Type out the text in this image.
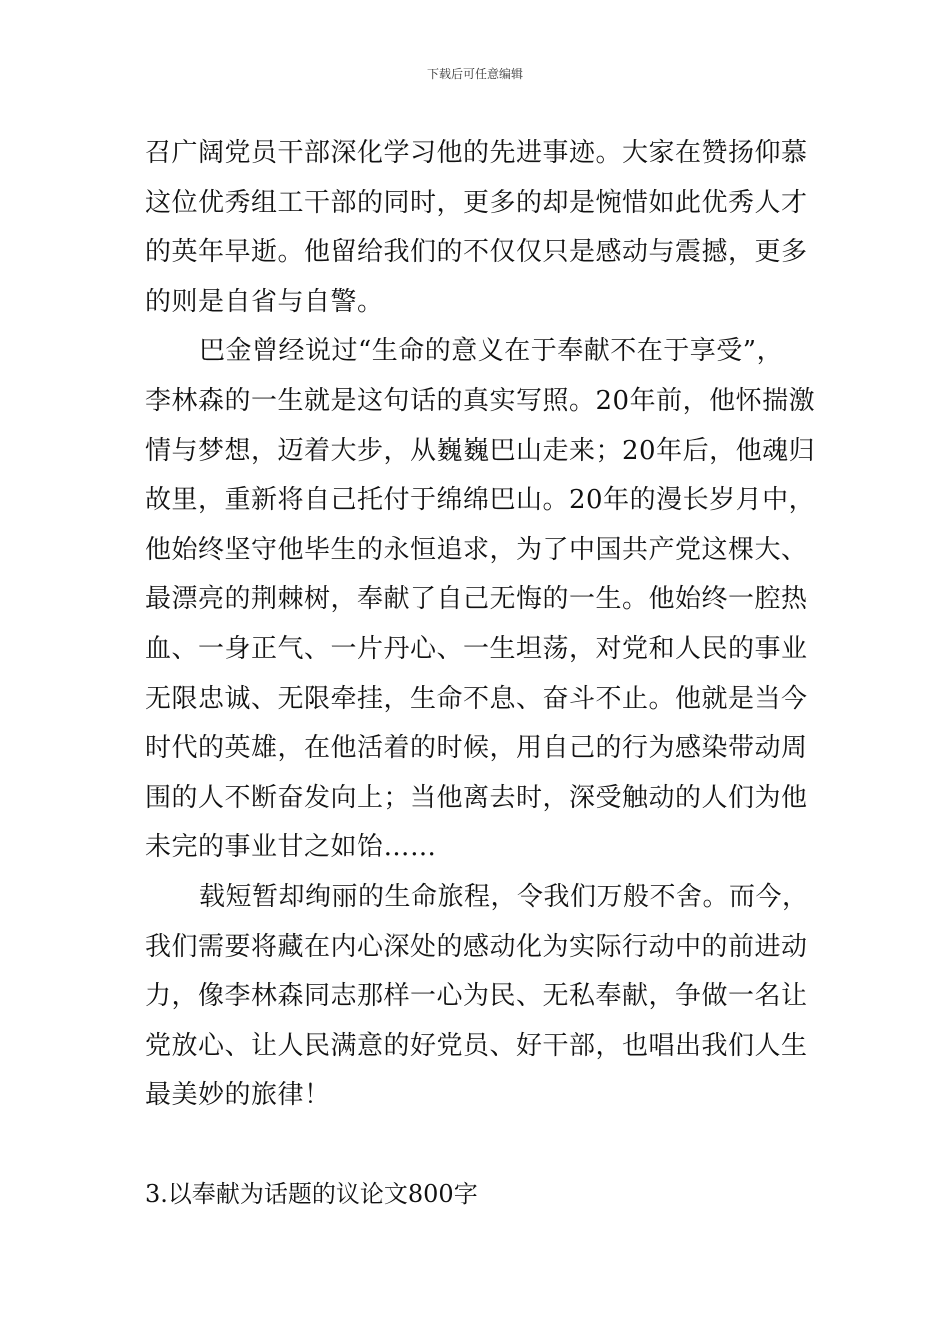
下载后可任意编辑
召广阔党员干部深化学习他的先进事迹。大家在赞扬仰慕
这位优秀组工干部的同时，更多的却是惋惜如此优秀人才
的英年早逝。他留给我们的不仅仅只是感动与震撼，更多
的则是自省与自警。
巴金曾经说过“生命的意义在于奉献不在于享受”，
李林森的一生就是这句话的真实写照。20年前，他怀揣激
情与梦想，迈着大步，从巍巍巴山走来；20年后，他魂归
故里，重新将自己托付于绵绵巴山。20年的漫长岁月中，
他始终坚守他毕生的永恒追求，为了中国共产党这棵大、
最漂亮的荆棘树，奉献了自己无悔的一生。他始终一腔热
血、一身正气、一片丹心、一生坦荡，对党和人民的事业
无限忠诚、无限牵挂，生命不息、奋斗不止。他就是当今
时代的英雄，在他活着的时候，用自己的行为感染带动周
围的人不断奋发向上；当他离去时，深受触动的人们为他
未完的事业甘之如饴……
载短暂却绚丽的生命旅程，令我们万般不舍。而今，
我们需要将藏在内心深处的感动化为实际行动中的前进动
力，像李林森同志那样一心为民、无私奉献，争做一名让
党放心、让人民满意的好党员、好干部，也唱出我们人生
最美妙的旅律！
3.以奉献为话题的议论文800字
